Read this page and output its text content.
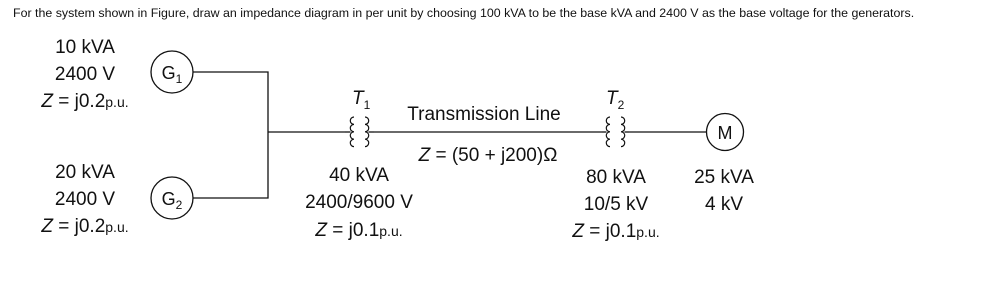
For the system shown in Figure, draw an impedance diagram in per unit by choosing 100 kVA to be the base kVA and 2400 V as the base voltage for the generators.
$G_1$
10 kVA
2400 V
Z = j0.2p.u.
$G_2$
20 kVA
2400 V
Z = j0.2p.u.
$T_1$
40 kVA
2400/9600 V
Z = j0.1p.u.
Transmission Line
Z = (50 + j200)Ω
$T_2$
80 kVA
10/5 kV
Z = j0.1p.u.
M
25 kVA
4 kV
